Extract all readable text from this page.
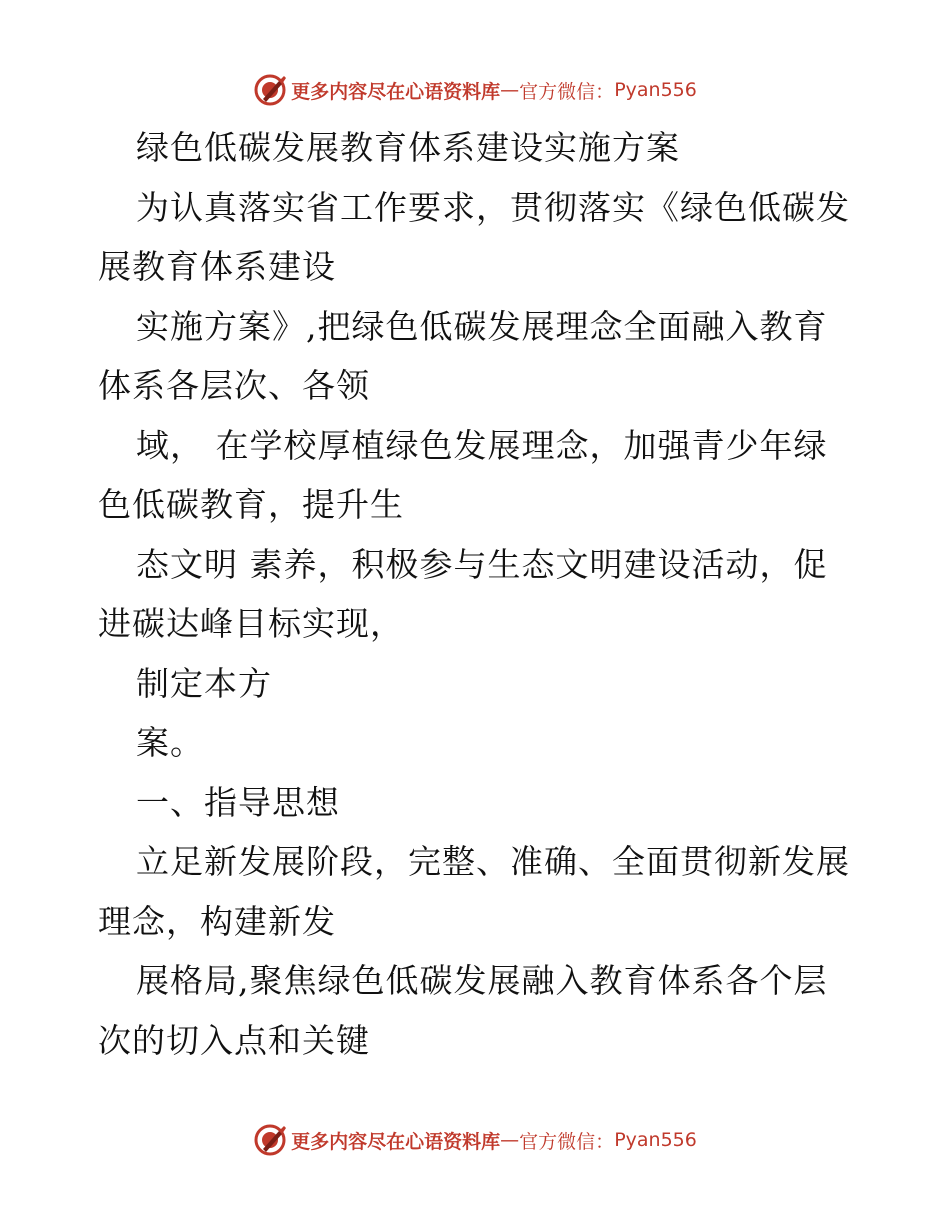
更多内容尽在心语资料库 — 官方微信： Pyan556
绿色低碳发展教育体系建设实施方案
为认真落实省工作要求，贯彻落实《绿色低碳发
展教育体系建设
实施方案》,把绿色低碳发展理念全面融入教育
体系各层次、各领
域， 在学校厚植绿色发展理念，加强青少年绿
色低碳教育，提升生
态文明 素养，积极参与生态文明建设活动，促
进碳达峰目标实现，
制定本方
案。
一、指导思想
立足新发展阶段，完整、准确、全面贯彻新发展
理念，构建新发
展格局,聚焦绿色低碳发展融入教育体系各个层
次的切入点和关键
更多内容尽在心语资料库 — 官方微信： Pyan556
